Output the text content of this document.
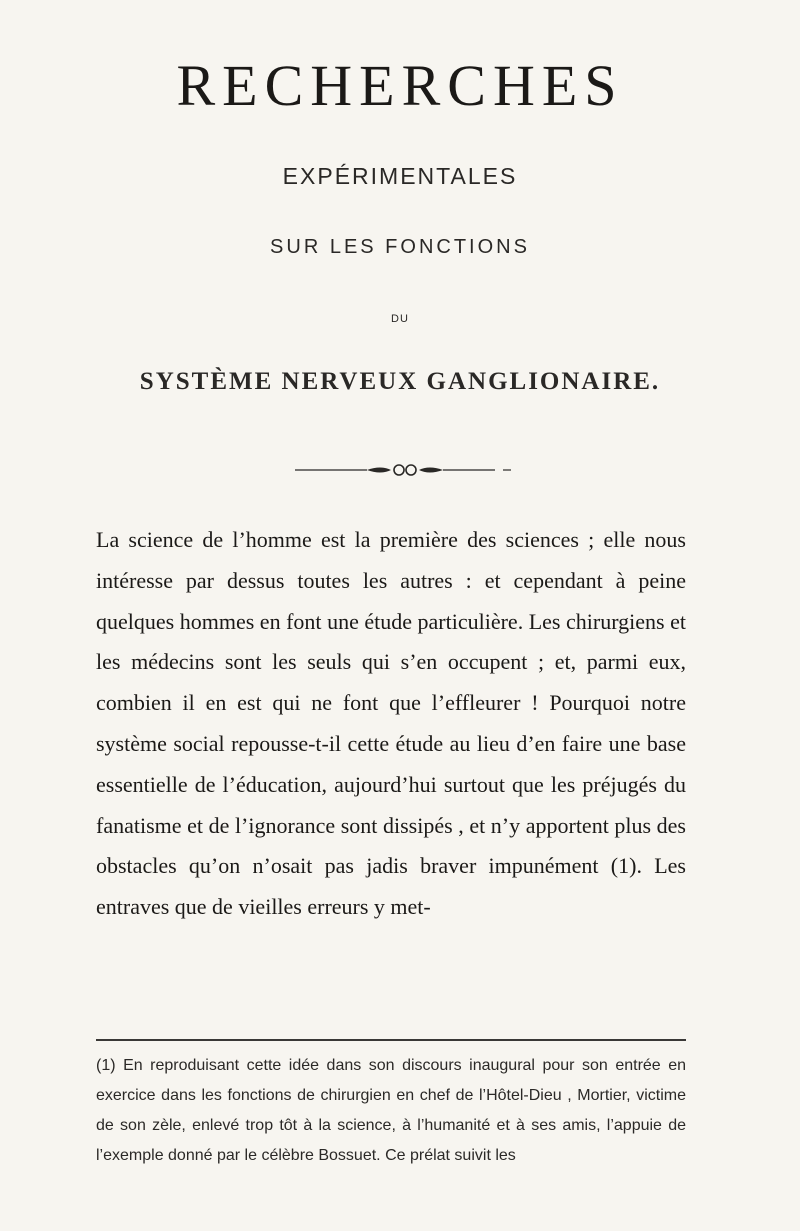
RECHERCHES

EXPÉRIMENTALES

SUR LES FONCTIONS

DU

SYSTÈME NERVEUX GANGLIONAIRE.

La science de l’homme est la première des sciences ; elle nous intéresse par dessus toutes les autres : et cependant à peine quelques hommes en font une étude particulière. Les chirurgiens et les médecins sont les seuls qui s’en occupent ; et, parmi eux, combien il en est qui ne font que l’effleurer ! Pourquoi notre système social repousse-t-il cette étude au lieu d’en faire une base essentielle de l’éducation, aujourd’hui surtout que les préjugés du fanatisme et de l’ignorance sont dissipés , et n’y apportent plus des obstacles qu’on n’osait pas jadis braver impunément (1). Les entraves que de vieilles erreurs y met-

(1) En reproduisant cette idée dans son discours inaugural pour son entrée en exercice dans les fonctions de chirurgien en chef de l’Hôtel-Dieu , Mortier, victime de son zèle, enlevé trop tôt à la science, à l’humanité et à ses amis, l’appuie de l’exemple donné par le célèbre Bossuet. Ce prélat suivit les
